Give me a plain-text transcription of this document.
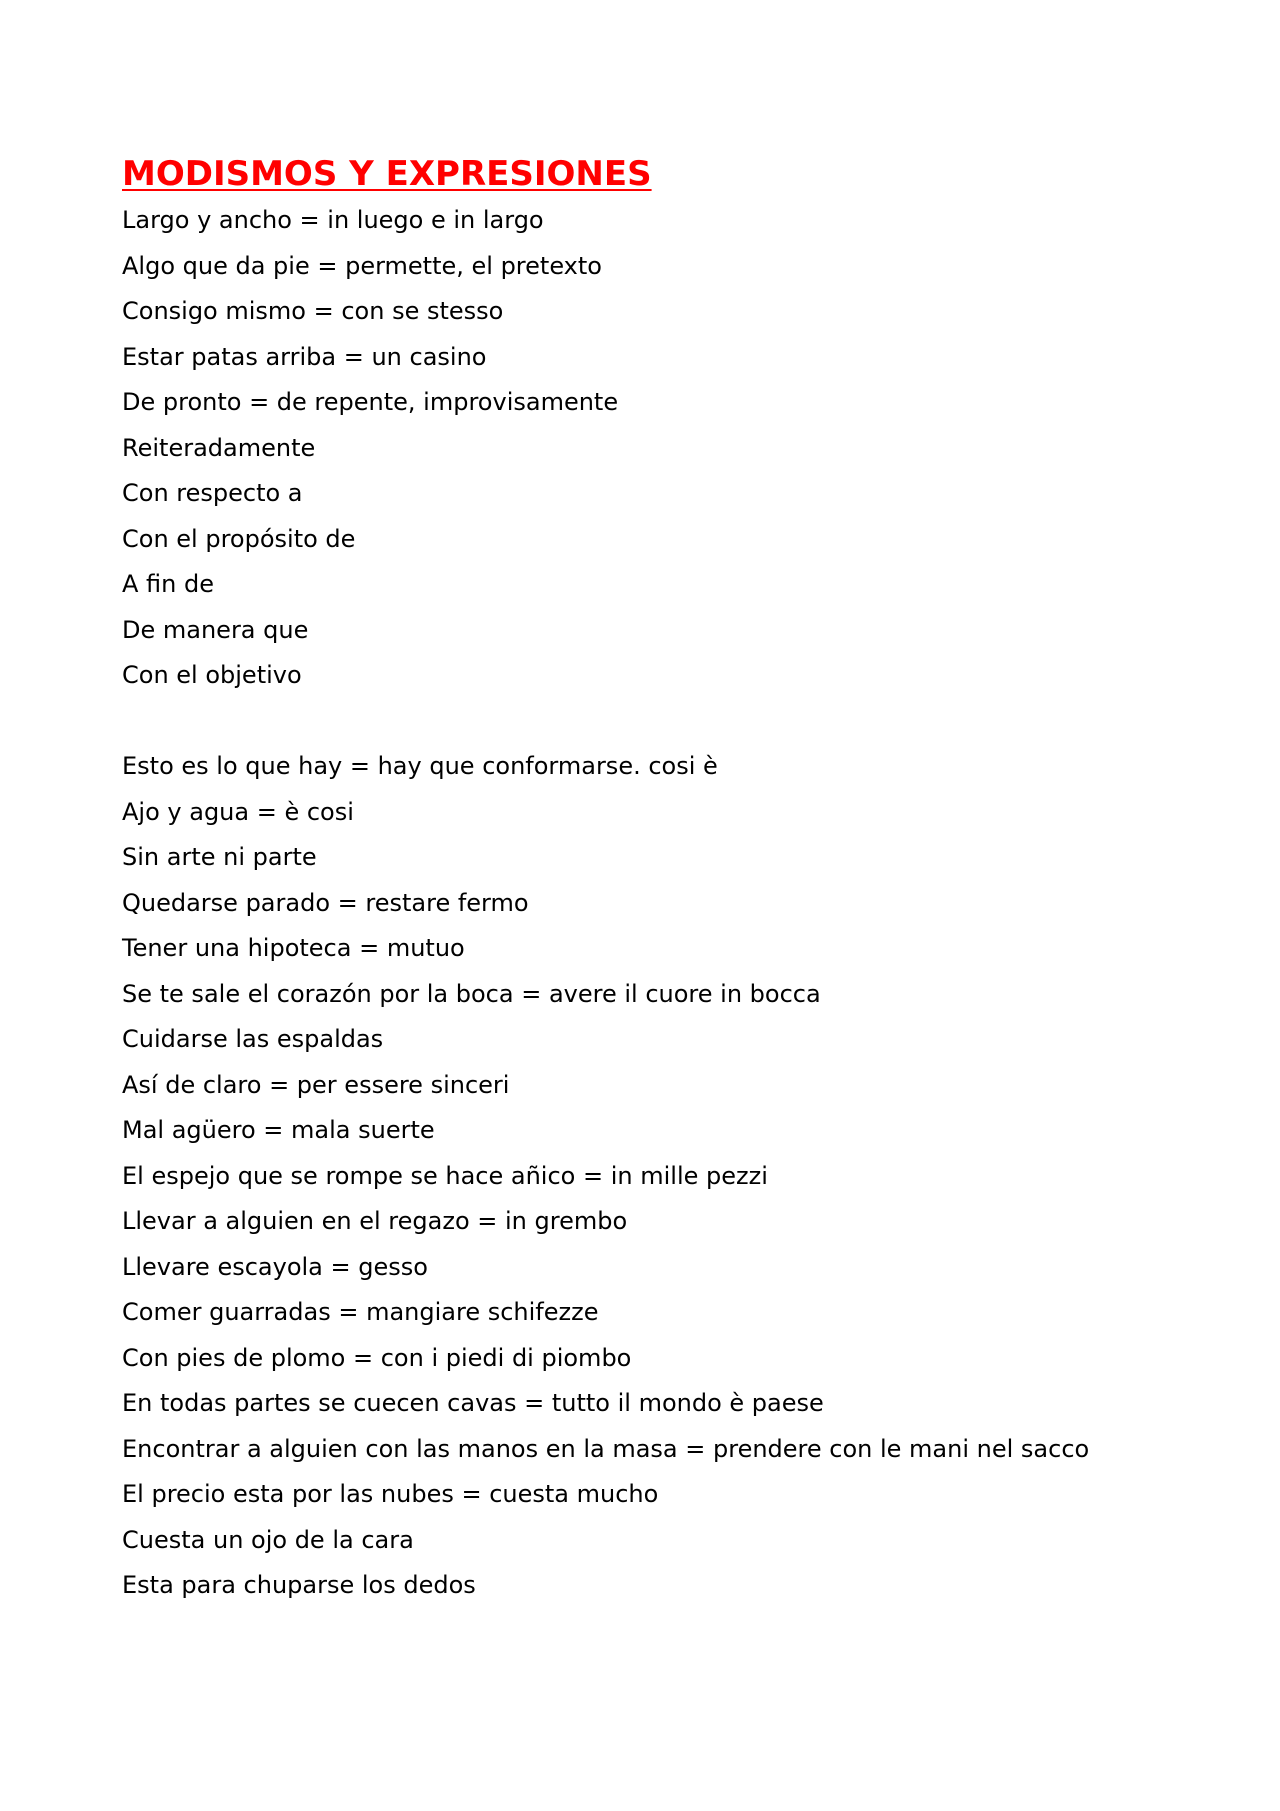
MODISMOS Y EXPRESIONES
Largo y ancho = in luego e in largo
Algo que da pie = permette, el pretexto
Consigo mismo = con se stesso
Estar patas arriba = un casino
De pronto = de repente, improvisamente
Reiteradamente
Con respecto a
Con el propósito de
A fin de
De manera que
Con el objetivo
Esto es lo que hay = hay que conformarse. cosi è
Ajo y agua = è cosi
Sin arte ni parte
Quedarse parado = restare fermo
Tener una hipoteca = mutuo
Se te sale el corazón por la boca = avere il cuore in bocca
Cuidarse las espaldas
Así de claro = per essere sinceri
Mal agüero = mala suerte
El espejo que se rompe se hace añico = in mille pezzi
Llevar a alguien en el regazo = in grembo
Llevare escayola = gesso
Comer guarradas = mangiare schifezze
Con pies de plomo = con i piedi di piombo
En todas partes se cuecen cavas = tutto il mondo è paese
Encontrar a alguien con las manos en la masa = prendere con le mani nel sacco
El precio esta por las nubes = cuesta mucho
Cuesta un ojo de la cara
Esta para chuparse los dedos
